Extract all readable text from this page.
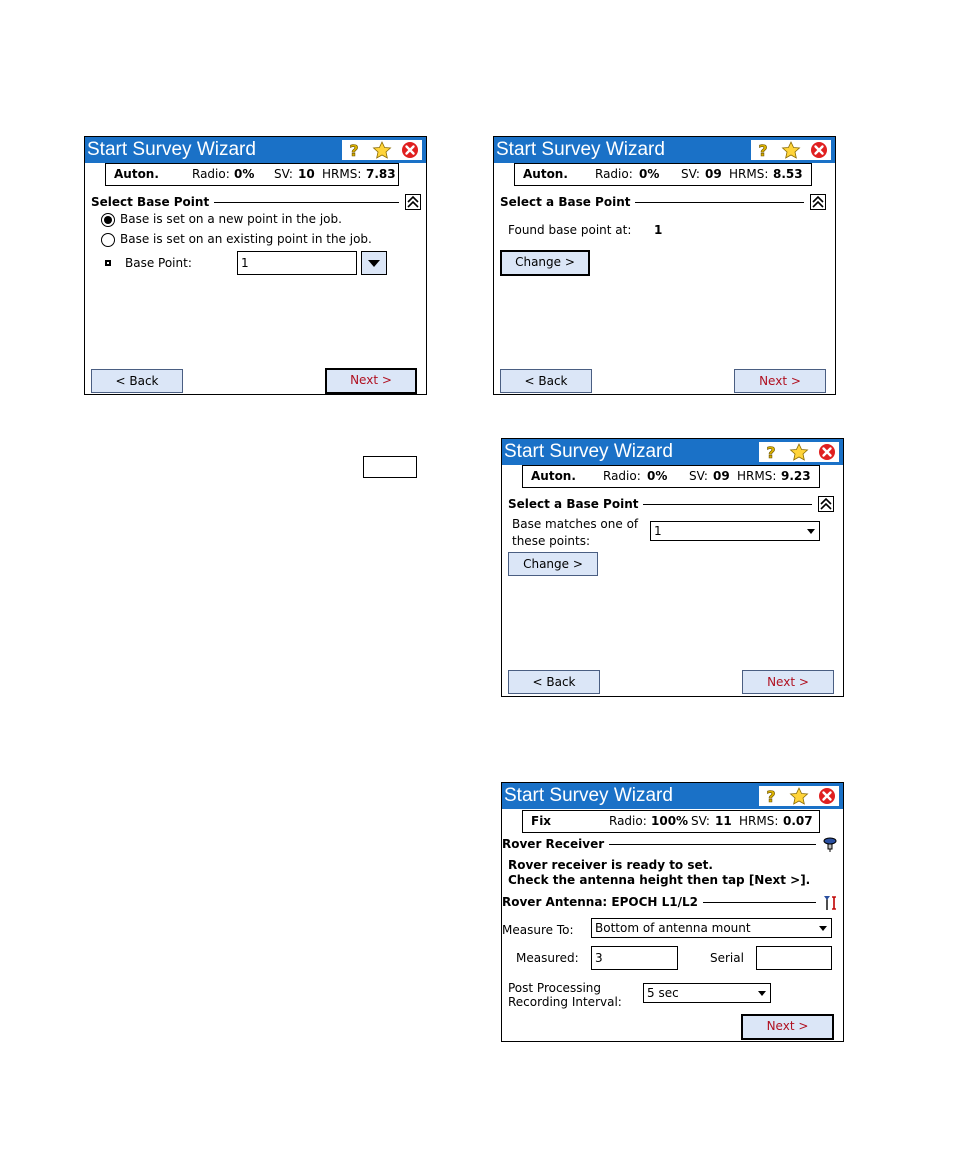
Start Survey Wizard	?
Auton.	Radio: 0% SV: 10 HRMS: 7.83
Select Base Point
Base is set on a new point in the job.
Base is set on an existing point in the job.
Base Point:	1
< Back	Next >
Start Survey Wizard	?
Auton. Radio: 0% SV: 09 HRMS: 8.53
Select a Base Point
Found base point at: 1
Change >
< Back	Next >
Start Survey Wizard	?
Auton. Radio: 0% SV: 09 HRMS: 9.23
Select a Base Point
Base matches one of
these points:
1
Change >
< Back	Next >
Start Survey Wizard	?
Fix	Radio: 100% SV: 11 HRMS: 0.07
Rover Receiver
Rover receiver is ready to set.
Check the antenna height then tap [Next >].
Rover Antenna: EPOCH L1/L2
Measure To: Bottom of antenna mount
Measured: 3	Serial
Post Processing
Recording Interval:
5 sec
Next >
